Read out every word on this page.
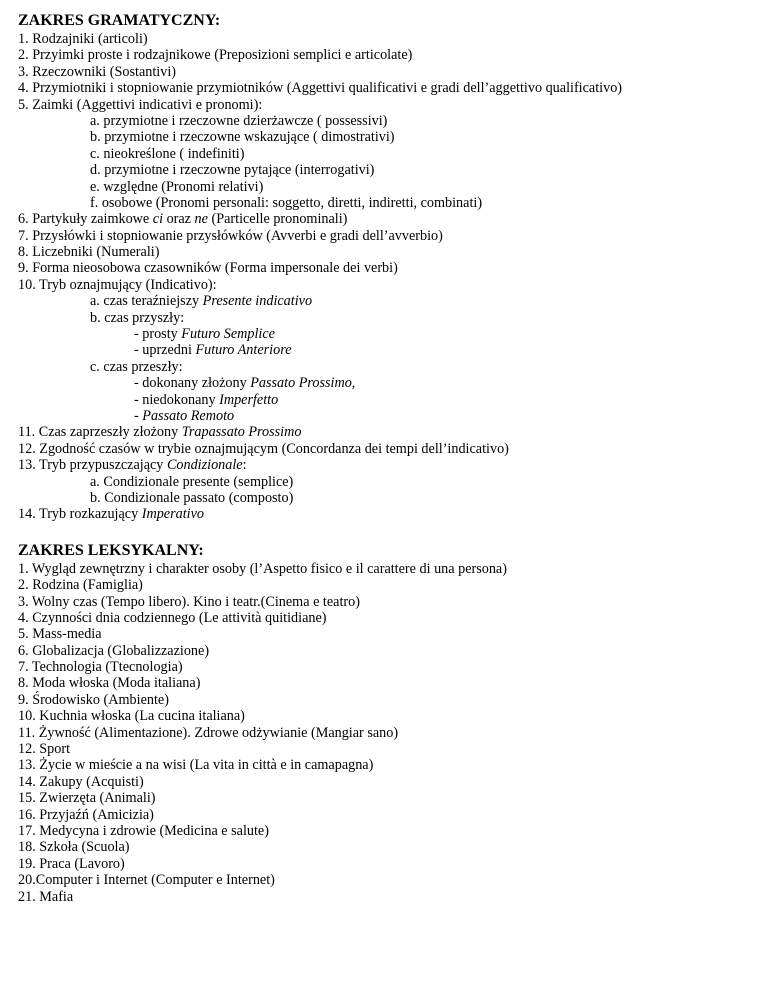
ZAKRES GRAMATYCZNY:
1. Rodzajniki (articoli)
2. Przyimki proste i rodzajnikowe (Preposizioni semplici e articolate)
3. Rzeczowniki (Sostantivi)
4. Przymiotniki i stopniowanie przymiotników (Aggettivi qualificativi e gradi dell’aggettivo qualificativo)
5. Zaimki (Aggettivi indicativi e pronomi):
a. przymiotne i rzeczowne dzierżawcze ( possessivi)
b. przymiotne i rzeczowne wskazujące ( dimostrativi)
c. nieokreślone ( indefiniti)
d. przymiotne i rzeczowne pytające (interrogativi)
e. względne (Pronomi relativi)
f. osobowe (Pronomi personali: soggetto, diretti, indiretti, combinati)
6. Partykuły zaimkowe ci oraz ne (Particelle pronominali)
7. Przysłówki i stopniowanie przysłówków (Avverbi e gradi dell’avverbio)
8. Liczebniki (Numerali)
9. Forma nieosobowa czasowników (Forma impersonale dei verbi)
10. Tryb oznajmujący (Indicativo):
a. czas teraźniejszy Presente indicativo
b. czas przyszły:
- prosty Futuro Semplice
- uprzedni Futuro Anteriore
c. czas przeszły:
- dokonany złożony Passato Prossimo,
- niedokonany Imperfetto
- Passato Remoto
11. Czas zaprzeszły złożony Trapassato Prossimo
12. Zgodność czasów w trybie oznajmującym (Concordanza dei tempi dell’indicativo)
13. Tryb przypuszczający Condizionale:
a. Condizionale presente (semplice)
b. Condizionale passato (composto)
14. Tryb rozkazujący Imperativo
ZAKRES LEKSYKALNY:
1. Wygląd zewnętrzny i charakter osoby (l’Aspetto fisico e il carattere di una persona)
2. Rodzina (Famiglia)
3. Wolny czas (Tempo libero). Kino i teatr.(Cinema e teatro)
4. Czynności dnia codziennego (Le attività quitidiane)
5. Mass-media
6. Globalizacja (Globalizzazione)
7. Technologia (Ttecnologia)
8. Moda włoska (Moda italiana)
9. Środowisko (Ambiente)
10. Kuchnia włoska (La cucina italiana)
11. Żywność (Alimentazione). Zdrowe odżywianie (Mangiar sano)
12. Sport
13. Życie w mieście a na wisi (La vita in città e in camapagna)
14. Zakupy (Acquisti)
15. Zwierzęta (Animali)
16. Przyjaźń (Amicizia)
17. Medycyna i zdrowie (Medicina e salute)
18. Szkoła (Scuola)
19. Praca (Lavoro)
20.Computer i Internet (Computer e Internet)
21. Mafia
